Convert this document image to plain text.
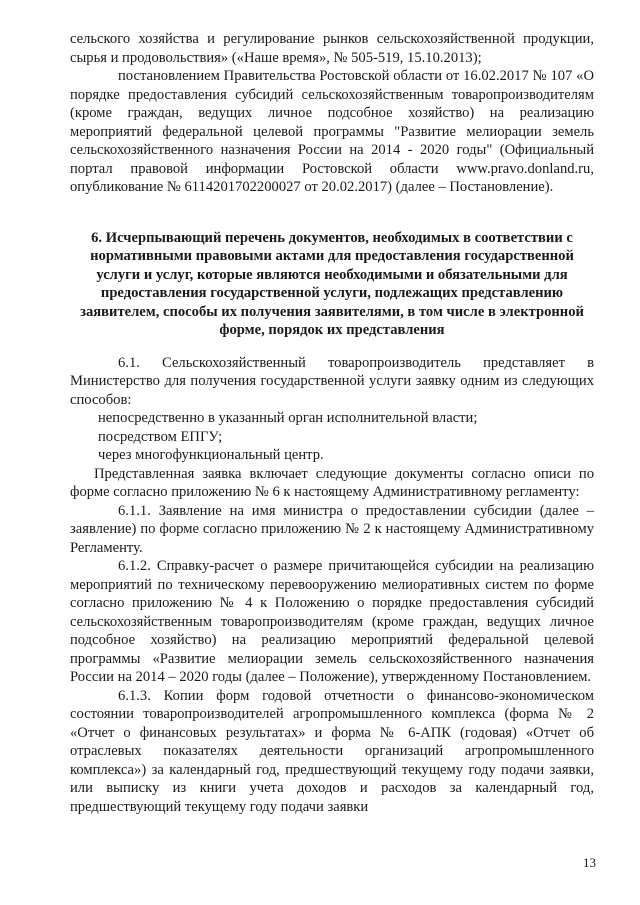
сельского хозяйства и регулирование рынков сельскохозяйственной продукции, сырья и продовольствия» («Наше время», № 505-519, 15.10.2013);

постановлением Правительства Ростовской области от 16.02.2017 № 107 «О порядке предоставления субсидий сельскохозяйственным товаропроизводителям (кроме граждан, ведущих личное подсобное хозяйство) на реализацию мероприятий федеральной целевой программы "Развитие мелиорации земель сельскохозяйственного назначения России на 2014 - 2020 годы" (Официальный портал правовой информации Ростовской области www.pravo.donland.ru, опубликование № 6114201702200027 от 20.02.2017) (далее – Постановление).

6. Исчерпывающий перечень документов, необходимых в соответствии с нормативными правовыми актами для предоставления государственной услуги и услуг, которые являются необходимыми и обязательными для предоставления государственной услуги, подлежащих представлению заявителем, способы их получения заявителями, в том числе в электронной форме, порядок их представления

6.1. Сельскохозяйственный товаропроизводитель представляет в Министерство для получения государственной услуги заявку одним из следующих способов:

непосредственно в указанный орган исполнительной власти;

посредством ЕПГУ;

через многофункциональный центр.

Представленная заявка включает следующие документы согласно описи по форме согласно приложению № 6 к настоящему Административному регламенту:

6.1.1. Заявление на имя министра о предоставлении субсидии (далее – заявление) по форме согласно приложению № 2 к настоящему Административному Регламенту.

6.1.2. Справку-расчет о размере причитающейся субсидии на реализацию мероприятий по техническому перевооружению мелиоративных систем по форме согласно приложению № 4 к Положению о порядке предоставления субсидий сельскохозяйственным товаропроизводителям (кроме граждан, ведущих личное подсобное хозяйство) на реализацию мероприятий федеральной целевой программы «Развитие мелиорации земель сельскохозяйственного назначения России на 2014 – 2020 годы (далее – Положение), утвержденному Постановлением.

6.1.3. Копии форм годовой отчетности о финансово-экономическом состоянии товаропроизводителей агропромышленного комплекса (форма № 2 «Отчет о финансовых результатах» и форма № 6-АПК (годовая) «Отчет об отраслевых показателях деятельности организаций агропромышленного комплекса») за календарный год, предшествующий текущему году подачи заявки, или выписку из книги учета доходов и расходов за календарный год, предшествующий текущему году подачи заявки

13
